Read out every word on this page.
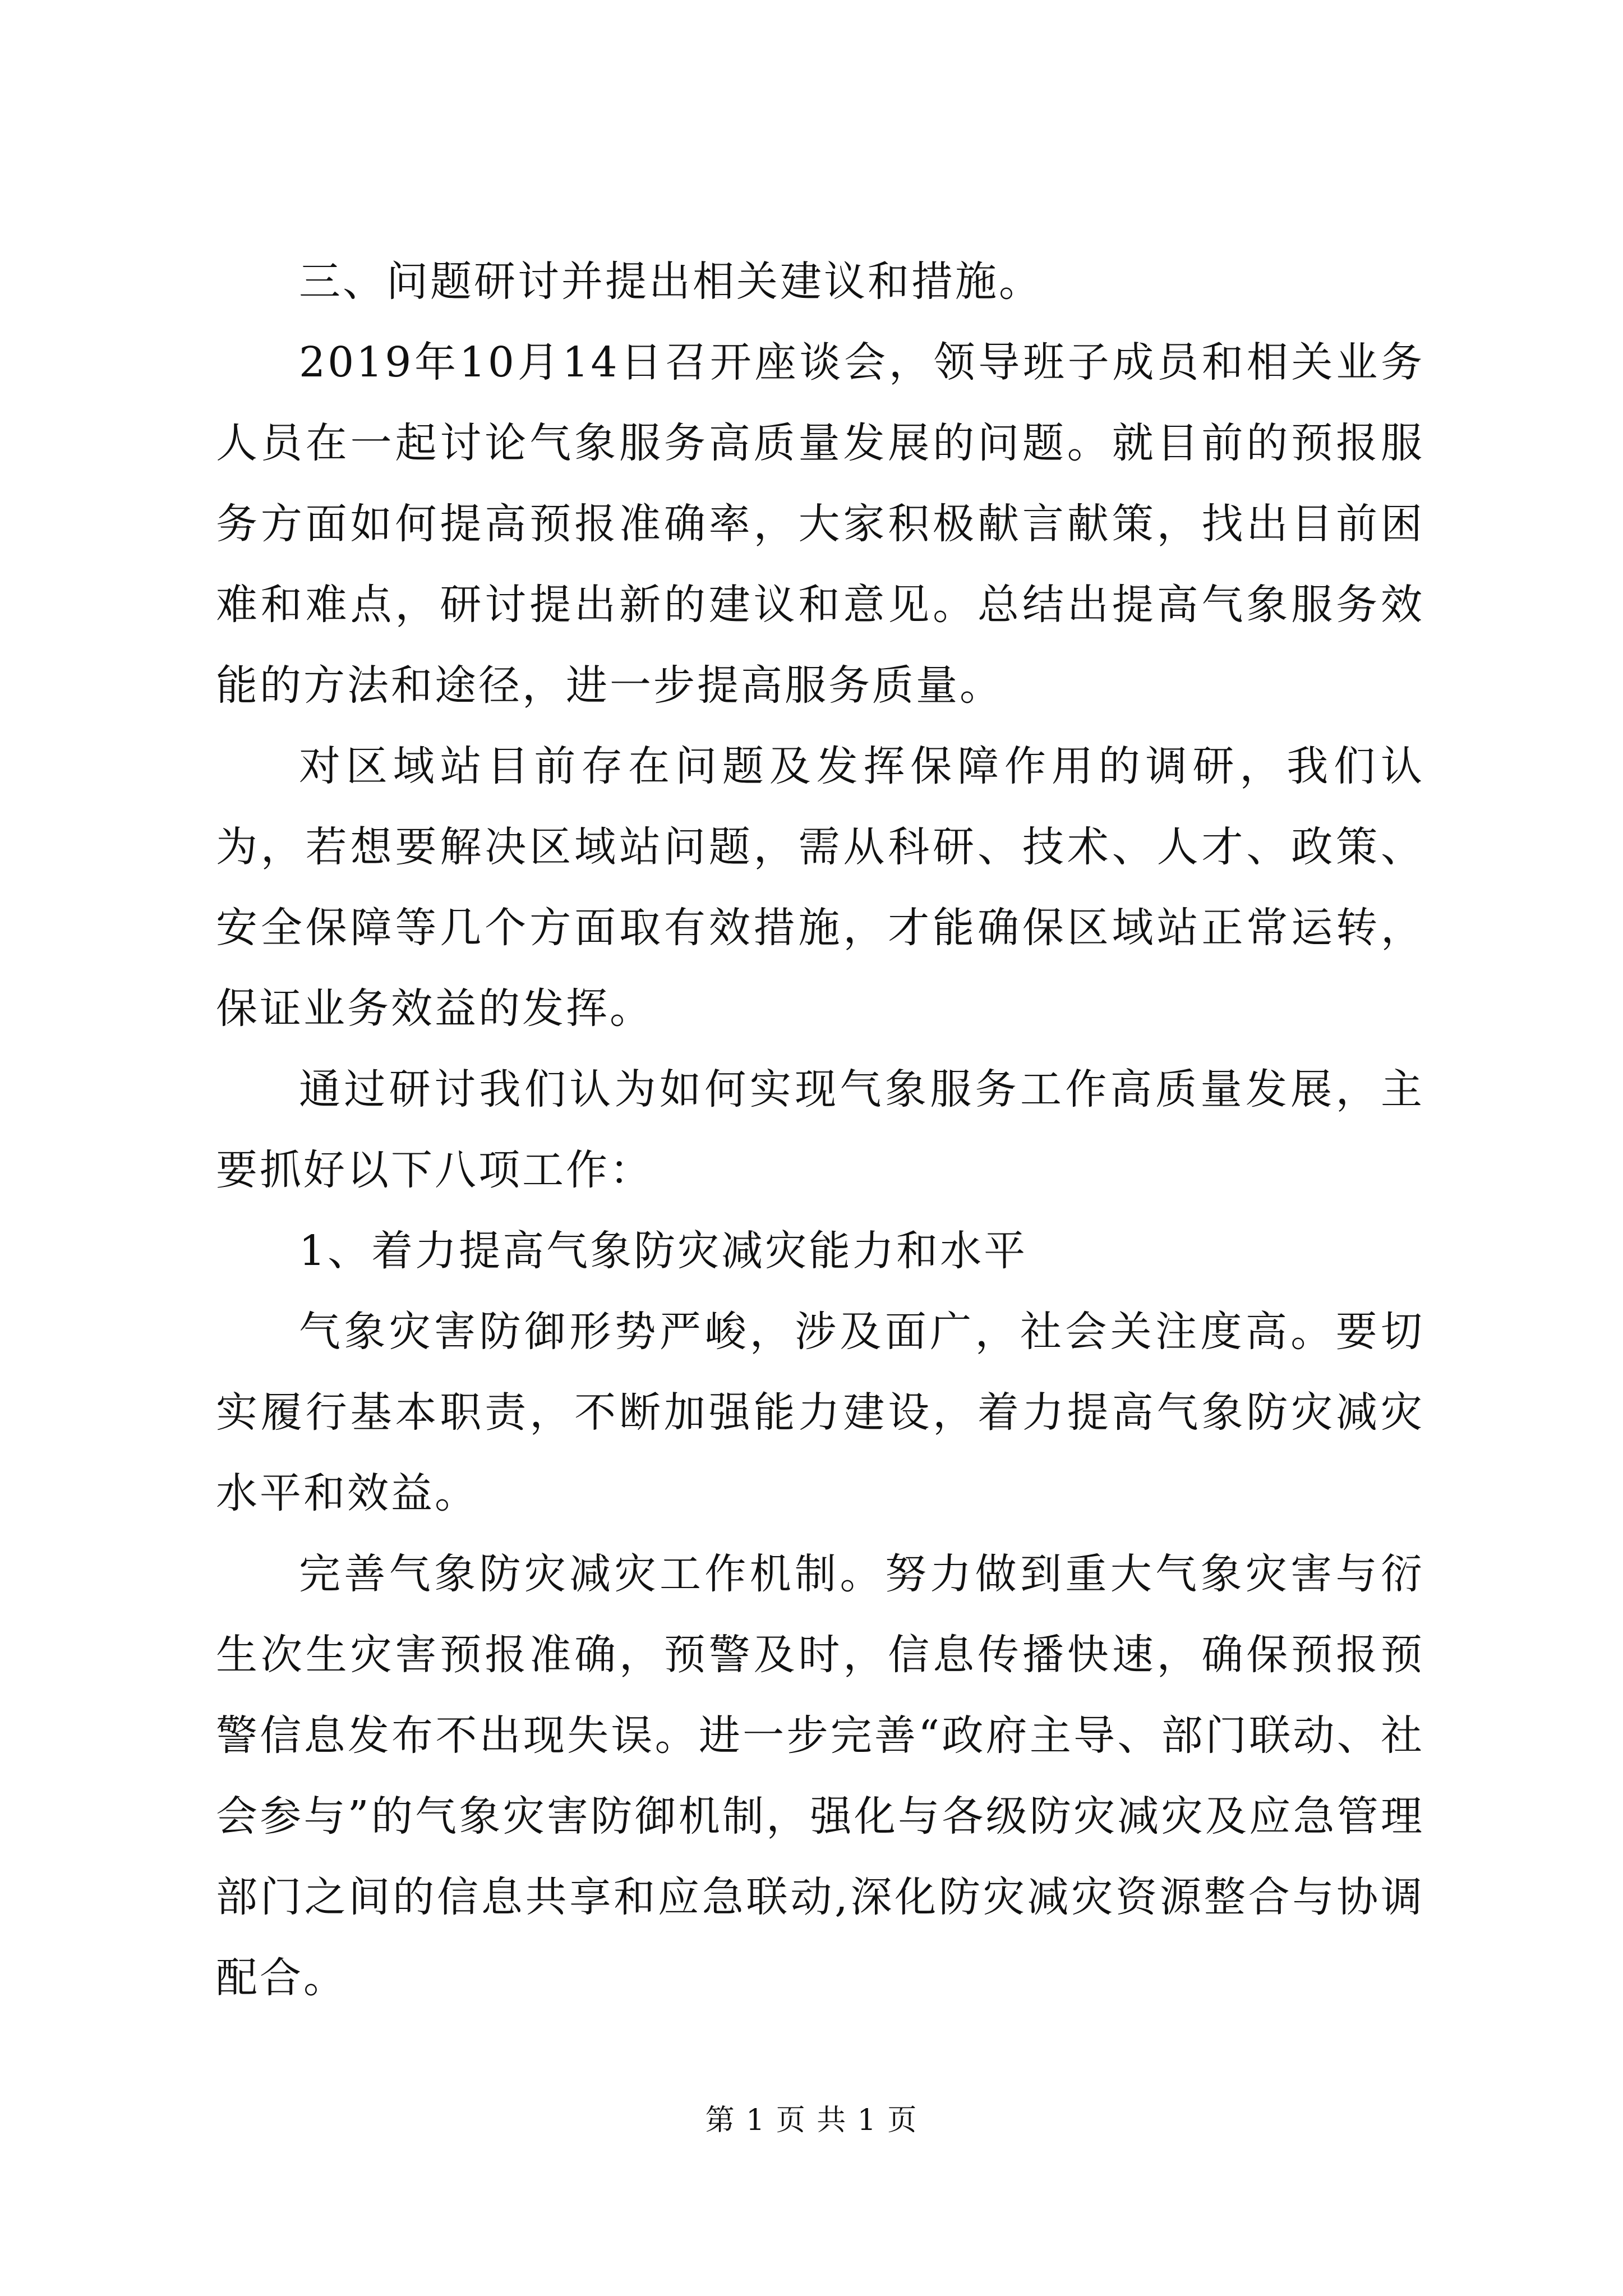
三、问题研讨并提出相关建议和措施。

2019年10月14日召开座谈会，领导班子成员和相关业务人员在一起讨论气象服务高质量发展的问题。就目前的预报服务方面如何提高预报准确率，大家积极献言献策，找出目前困难和难点，研讨提出新的建议和意见。总结出提高气象服务效能的方法和途径，进一步提高服务质量。

对区域站目前存在问题及发挥保障作用的调研，我们认为，若想要解决区域站问题，需从科研、技术、人才、政策、安全保障等几个方面取有效措施，才能确保区域站正常运转，保证业务效益的发挥。

通过研讨我们认为如何实现气象服务工作高质量发展，主要抓好以下八项工作：

1、着力提高气象防灾减灾能力和水平

气象灾害防御形势严峻，涉及面广，社会关注度高。要切实履行基本职责，不断加强能力建设，着力提高气象防灾减灾水平和效益。

完善气象防灾减灾工作机制。努力做到重大气象灾害与衍生次生灾害预报准确，预警及时，信息传播快速，确保预报预警信息发布不出现失误。进一步完善“政府主导、部门联动、社会参与”的气象灾害防御机制，强化与各级防灾减灾及应急管理部门之间的信息共享和应急联动,深化防灾减灾资源整合与协调配合。

第 1 页 共 1 页
